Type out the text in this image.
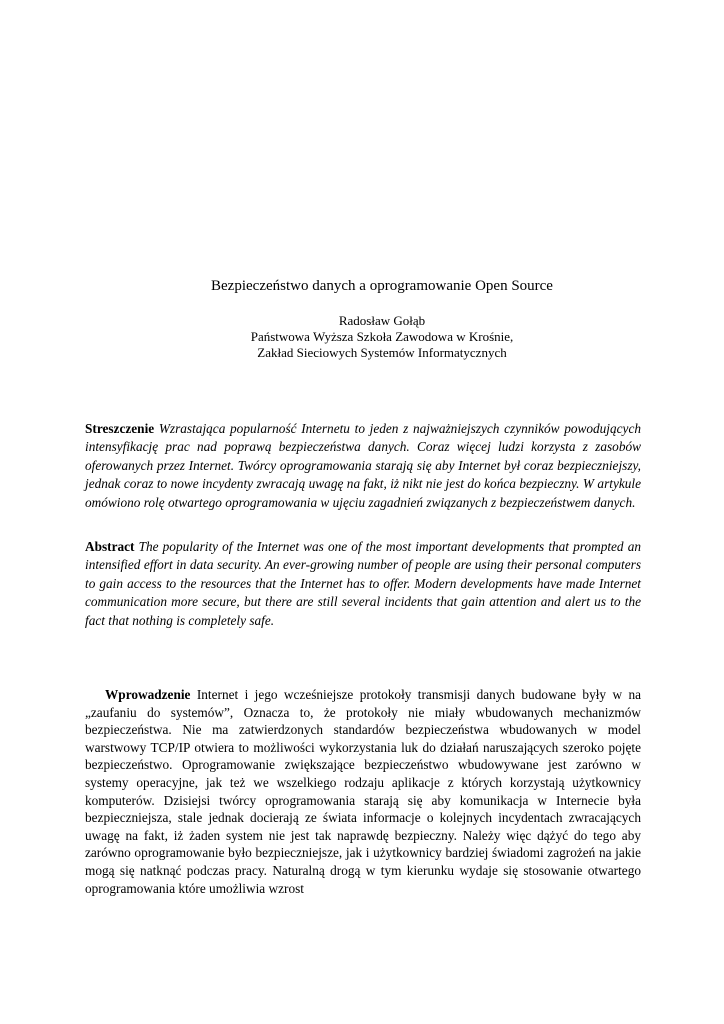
Bezpieczeństwo danych a oprogramowanie Open Source
Radosław Gołąb
Państwowa Wyższa Szkoła Zawodowa w Krośnie,
Zakład Sieciowych Systemów Informatycznych
Streszczenie Wzrastająca popularność Internetu to jeden z najważniejszych czynników powodujących intensyfikację prac nad poprawą bezpieczeństwa danych. Coraz więcej ludzi korzysta z zasobów oferowanych przez Internet. Twórcy oprogramowania starają się aby Internet był coraz bezpieczniejszy, jednak coraz to nowe incydenty zwracają uwagę na fakt, iż nikt nie jest do końca bezpieczny. W artykule omówiono rolę otwartego oprogramowania w ujęciu zagadnień związanych z bezpieczeństwem danych.
Abstract The popularity of the Internet was one of the most important developments that prompted an intensified effort in data security. An ever-growing number of people are using their personal computers to gain access to the resources that the Internet has to offer. Modern developments have made Internet communication more secure, but there are still several incidents that gain attention and alert us to the fact that nothing is completely safe.
Wprowadzenie Internet i jego wcześniejsze protokoły transmisji danych budowane były w na „zaufaniu do systemów”, Oznacza to, że protokoły nie miały wbudowanych mechanizmów bezpieczeństwa. Nie ma zatwierdzonych standardów bezpieczeństwa wbudowanych w model warstwowy TCP/IP otwiera to możliwości wykorzystania luk do działań naruszających szeroko pojęte bezpieczeństwo. Oprogramowanie zwiększające bezpieczeństwo wbudowywane jest zarówno w systemy operacyjne, jak też we wszelkiego rodzaju aplikacje z których korzystają użytkownicy komputerów. Dzisiejsi twórcy oprogramowania starają się aby komunikacja w Internecie była bezpieczniejsza, stale jednak docierają ze świata informacje o kolejnych incydentach zwracających uwagę na fakt, iż żaden system nie jest tak naprawdę bezpieczny. Należy więc dążyć do tego aby zarówno oprogramowanie było bezpieczniejsze, jak i użytkownicy bardziej świadomi zagrożeń na jakie mogą się natknąć podczas pracy. Naturalną drogą w tym kierunku wydaje się stosowanie otwartego oprogramowania które umożliwia wzrost
